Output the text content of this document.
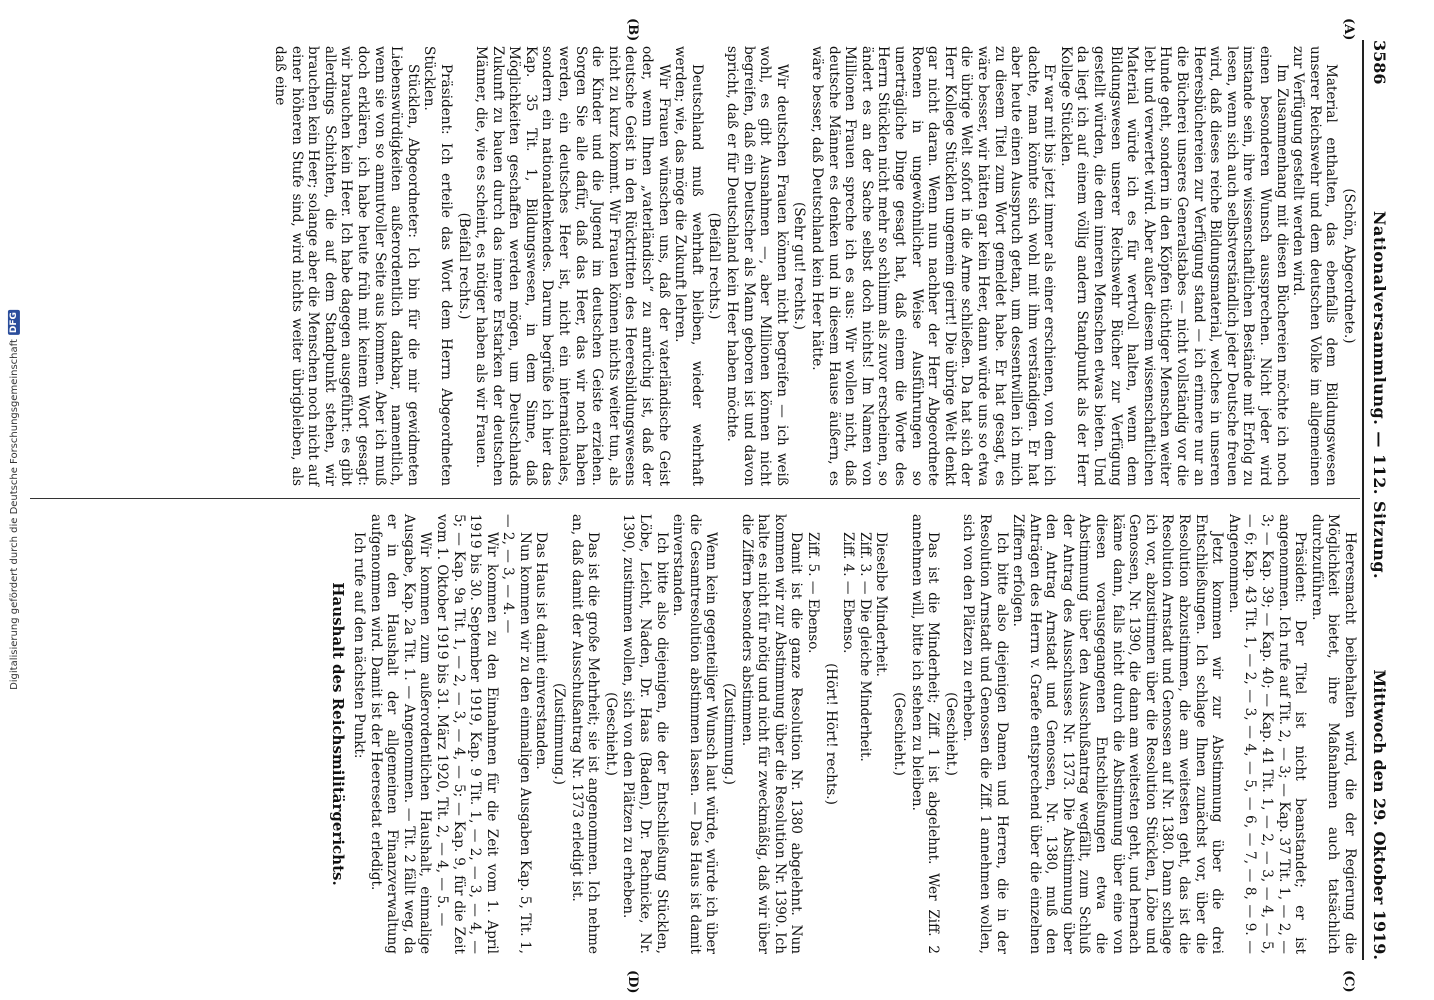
3586
Nationalversammlung. — 112. Sitzung.
Mittwoch den 29. Oktober 1919.
(A)
(B)
(C)
(D)

(Schön, Abgeordnete.)

Material enthalten, das ebenfalls dem Bildungswesen unserer Reichswehr und dem deutschen Volke im allgemeinen zur Verfügung gestellt werden wird.

Im Zusammenhang mit diesen Büchereien möchte ich noch einen besonderen Wunsch aussprechen. Nicht jeder wird imstande sein, ihre wissenschaftlichen Bestände mit Erfolg zu lesen, wenn sich auch selbstverständlich jeder Deutsche freuen wird, daß dieses reiche Bildungsmaterial, welches in unseren Heeresbüchereien zur Verfügung stand — ich erinnere nur an die Bücherei unseres Generalstabes — nicht vollständig vor die Hunde geht, sondern in den Köpfen tüchtiger Menschen weiter lebt und verwertet wird. Aber außer diesem wissenschaftlichen Material würde ich es für wertvoll halten, wenn dem Bildungswesen unserer Reichswehr Bücher zur Verfügung gestellt würden, die dem inneren Menschen etwas bieten. Und da liegt ich auf einem völlig andern Standpunkt als der Herr Kollege Stücklen.

Er war mit bis jetzt immer als einer erschienen, von dem ich dachte, man könnte sich wohl mit ihm verständigen. Er hat aber heute einen Ausspruch getan, um dessentwillen ich mich zu diesem Titel zum Wort gemeldet habe. Er hat gesagt, es wäre besser, wir hätten gar kein Heer, dann würde uns so etwa die übrige Welt sofort in die Arme schließen. Da hat sich der Herr Kollege Stücklen ungemein geirrt! Die übrige Welt denkt gar nicht daran. Wenn nun nachher der Herr Abgeordnete Roenen in ungewöhnlicher Weise Ausführungen so unerträgliche Dinge gesagt hat, daß einem die Worte des Herrn Stücklen nicht mehr so schlimm als zuvor erscheinen, so ändert es an der Sache selbst doch nichts! Im Namen von Millionen Frauen spreche ich es aus: Wir wollen nicht, daß deutsche Männer es denken und in diesem Hause äußern, es wäre besser, daß Deutschland kein Heer hätte.

(Sehr gut! rechts.)

Wir deutschen Frauen können nicht begreifen — ich weiß wohl, es gibt Ausnahmen —, aber Millionen können nicht begreifen, daß ein Deutscher als Mann geboren ist und davon spricht, daß er für Deutschland kein Heer haben möchte.

(Beifall rechts.)

Deutschland muß wehrhaft bleiben, wieder wehrhaft werden; wie, das möge die Zukunft lehren.

Wir Frauen wünschen uns, daß der vaterländische Geist oder, wenn Ihnen „vaterländisch“ zu anrüchig ist, daß der deutsche Geist in den Rücktritten des Heeresbildungswesens nicht zu kurz kommt. Wir Frauen können nichts weiter tun, als die Kinder und die Jugend im deutschen Geiste erziehen. Sorgen Sie alle dafür, daß das Heer, das wir noch haben werden, ein deutsches Heer ist, nicht ein internationales, sondern ein nationaldenkendes. Darum begrüße ich hier das Kap. 35 Tit. 1, Bildungswesen, in dem Sinne, daß Möglichkeiten geschaffen werden mögen, um Deutschlands Zukunft zu bauen durch das innere Erstarken der deutschen Männer, die, wie es scheint, es nötiger haben als wir Frauen.

(Beifall rechts.)

Präsident: Ich erteile das Wort dem Herrn Abgeordneten Stücklen.

Stücklen, Abgeordneter: Ich bin für die mir gewidmeten Liebenswürdigkeiten außerordentlich dankbar, namentlich, wenn sie von so anmutvoller Seite aus kommen. Aber ich muß doch erklären, ich habe heute früh mit keinem Wort gesagt: wir brauchen kein Heer. Ich habe dagegen ausgeführt: es gibt allerdings Schichten, die auf dem Standpunkt stehen, wir brauchen kein Heer; solange aber die Menschen noch nicht auf einer höheren Stufe sind, wird nichts weiter übrigbleiben, als daß eine

Heeresmacht beibehalten wird, die der Regierung die Möglichkeit bietet, ihre Maßnahmen auch tatsächlich durchzuführen.

Präsident: Der Titel ist nicht beanstandet; er ist angenommen. Ich rufe auf Tit. 2, — 3; — Kap. 37 Tit. 1, — 2, — 3; — Kap. 39; — Kap. 40; — Kap. 41 Tit. 1, — 2, — 3, — 4, — 5, — 6; Kap. 43 Tit. 1, — 2, — 3, — 4, — 5, — 6, — 7, — 8, — 9. — Angenommen.

Jetzt kommen wir zur Abstimmung über die drei Entschließungen. Ich schlage Ihnen zunächst vor, über die Resolution abzustimmen, die am weitesten geht, das ist die Resolution Arnstadt und Genossen auf Nr. 1380. Dann schlage ich vor, abzustimmen über die Resolution Stücklen, Löbe und Genossen, Nr. 1390, die dann am weitesten geht, und hernach käme dann, falls nicht durch die Abstimmung über eine von diesen vorausgegangenen Entschließungen etwa die Abstimmung über den Ausschußantrag wegfällt, zum Schluß der Antrag des Ausschusses Nr. 1373. Die Abstimmung über den Antrag Arnstadt und Genossen, Nr. 1380, muß den Anträgen des Herrn v. Graefe entsprechend über die einzelnen Ziffern erfolgen.

Ich bitte also diejenigen Damen und Herren, die in der Resolution Arnstadt und Genossen die Ziff. 1 annehmen wollen, sich von den Plätzen zu erheben.

(Geschieht.)

Das ist die Minderheit; Ziff. 1 ist abgelehnt. Wer Ziff. 2 annehmen will, bitte ich stehen zu bleiben.

(Geschieht.)

Dieselbe Minderheit.

Ziff. 3. — Die gleiche Minderheit.

Ziff. 4. — Ebenso.

(Hört! Hört! rechts.)

Ziff. 5. — Ebenso.

Damit ist die ganze Resolution Nr. 1380 abgelehnt. Nun kommen wir zur Abstimmung über die Resolution Nr. 1390. Ich halte es nicht für nötig und nicht für zweckmäßig, daß wir über die Ziffern besonders abstimmen.

(Zustimmung.)

Wenn kein gegenteiliger Wunsch laut würde, würde ich über die Gesamtresolution abstimmen lassen. — Das Haus ist damit einverstanden.

Ich bitte also diejenigen, die der Entschließung Stücklen, Löbe, Leicht, Naden, Dr. Haas (Baden), Dr. Pachnicke, Nr. 1390, zustimmen wollen, sich von den Plätzen zu erheben.

(Geschieht.)

Das ist die große Mehrheit; sie ist angenommen. Ich nehme an, daß damit der Ausschußantrag Nr. 1373 erledigt ist.

(Zustimmung.)

Das Haus ist damit einverstanden.

Nun kommen wir zu den einmaligen Ausgaben Kap. 5, Tit. 1, — 2, — 3, — 4. —

Wir kommen zu den Einnahmen für die Zeit vom 1. April 1919 bis 30. September 1919, Kap. 9 Tit. 1, — 2, — 3, — 4, — 5; — Kap. 9a Tit. 1, — 2, — 3, — 4, — 5; — Kap. 9, für die Zeit vom 1. Oktober 1919 bis 31. März 1920, Tit. 2, — 4, — 5. —

Wir kommen zum außerordentlichen Haushalt, einmalige Ausgabe, Kap. 2a Tit. 1. — Angenommen. — Tit. 2 fällt weg, da er in den Haushalt der allgemeinen Finanzverwaltung aufgenommen wird. Damit ist der Heeresetat erledigt.

Ich rufe auf den nächsten Punkt:

Haushalt des Reichsmilitärgerichts.

Digitalisierung gefördert durch die Deutsche Forschungsgemeinschaft
DFG
